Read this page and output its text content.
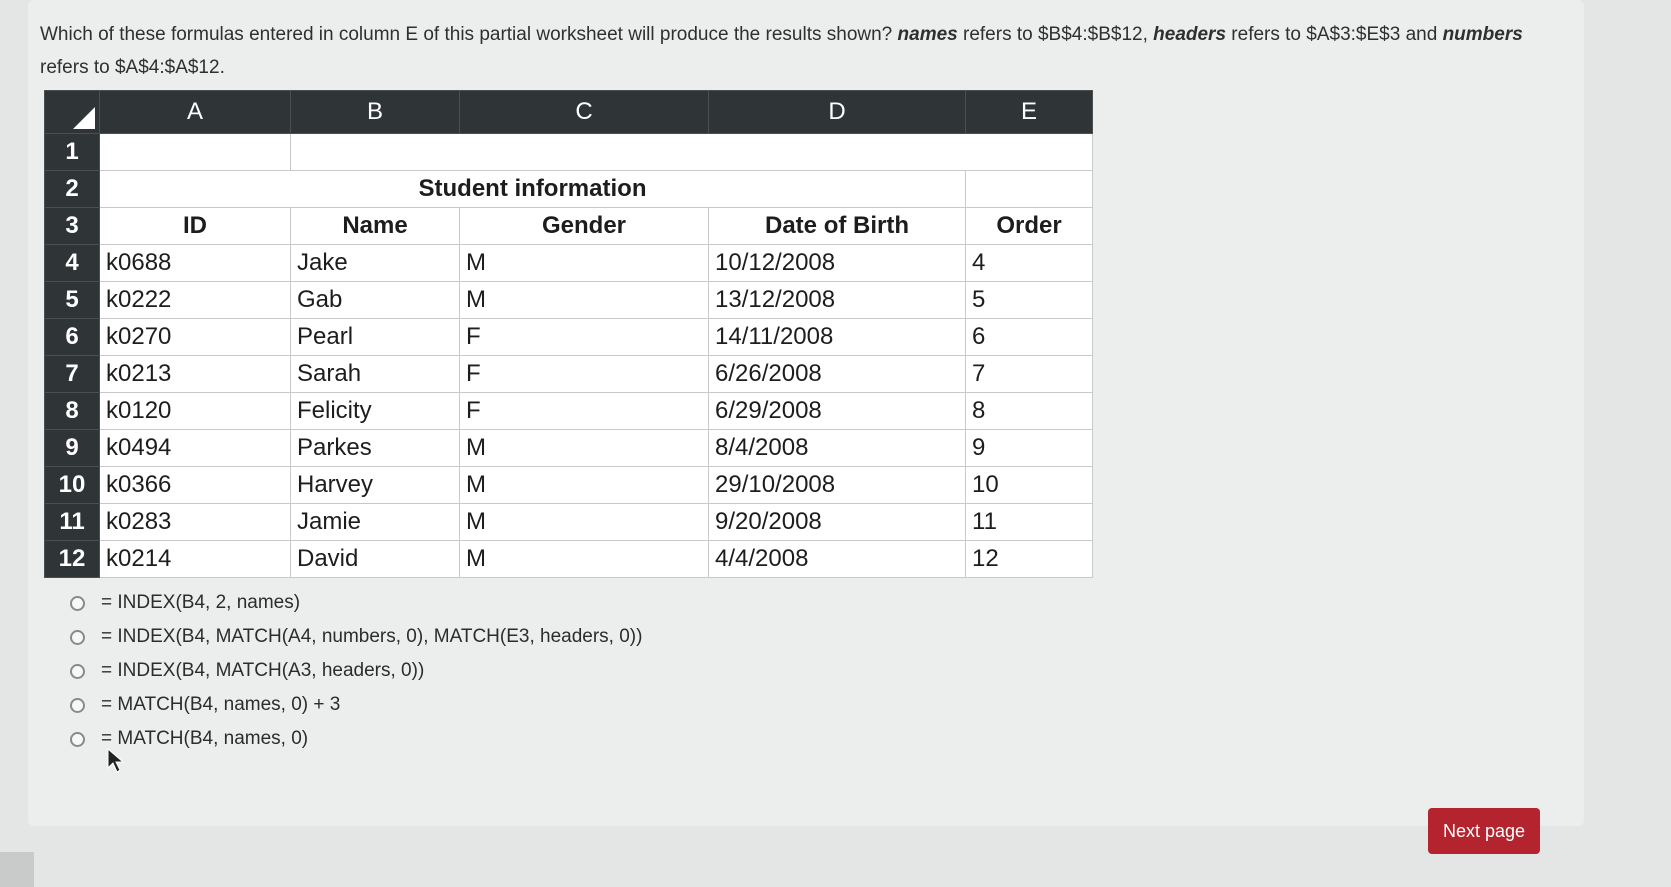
Which of these formulas entered in column E of this partial worksheet will produce the results shown? names refers to $B$4:$B$12, headers refers to $A$3:$E$3 and numbers refers to $A$4:$A$12.
	A	B	C	D	E
1					
2	Student information				
3	ID	Name	Gender	Date of Birth	Order
4	k0688	Jake	M	10/12/2008	4
5	k0222	Gab	M	13/12/2008	5
6	k0270	Pearl	F	14/11/2008	6
7	k0213	Sarah	F	6/26/2008	7
8	k0120	Felicity	F	6/29/2008	8
9	k0494	Parkes	M	8/4/2008	9
10	k0366	Harvey	M	29/10/2008	10
11	k0283	Jamie	M	9/20/2008	11
12	k0214	David	M	4/4/2008	12
= INDEX(B4, 2, names)
= INDEX(B4, MATCH(A4, numbers, 0), MATCH(E3, headers, 0))
= INDEX(B4, MATCH(A3, headers, 0))
= MATCH(B4, names, 0) + 3
= MATCH(B4, names, 0)
Next page
